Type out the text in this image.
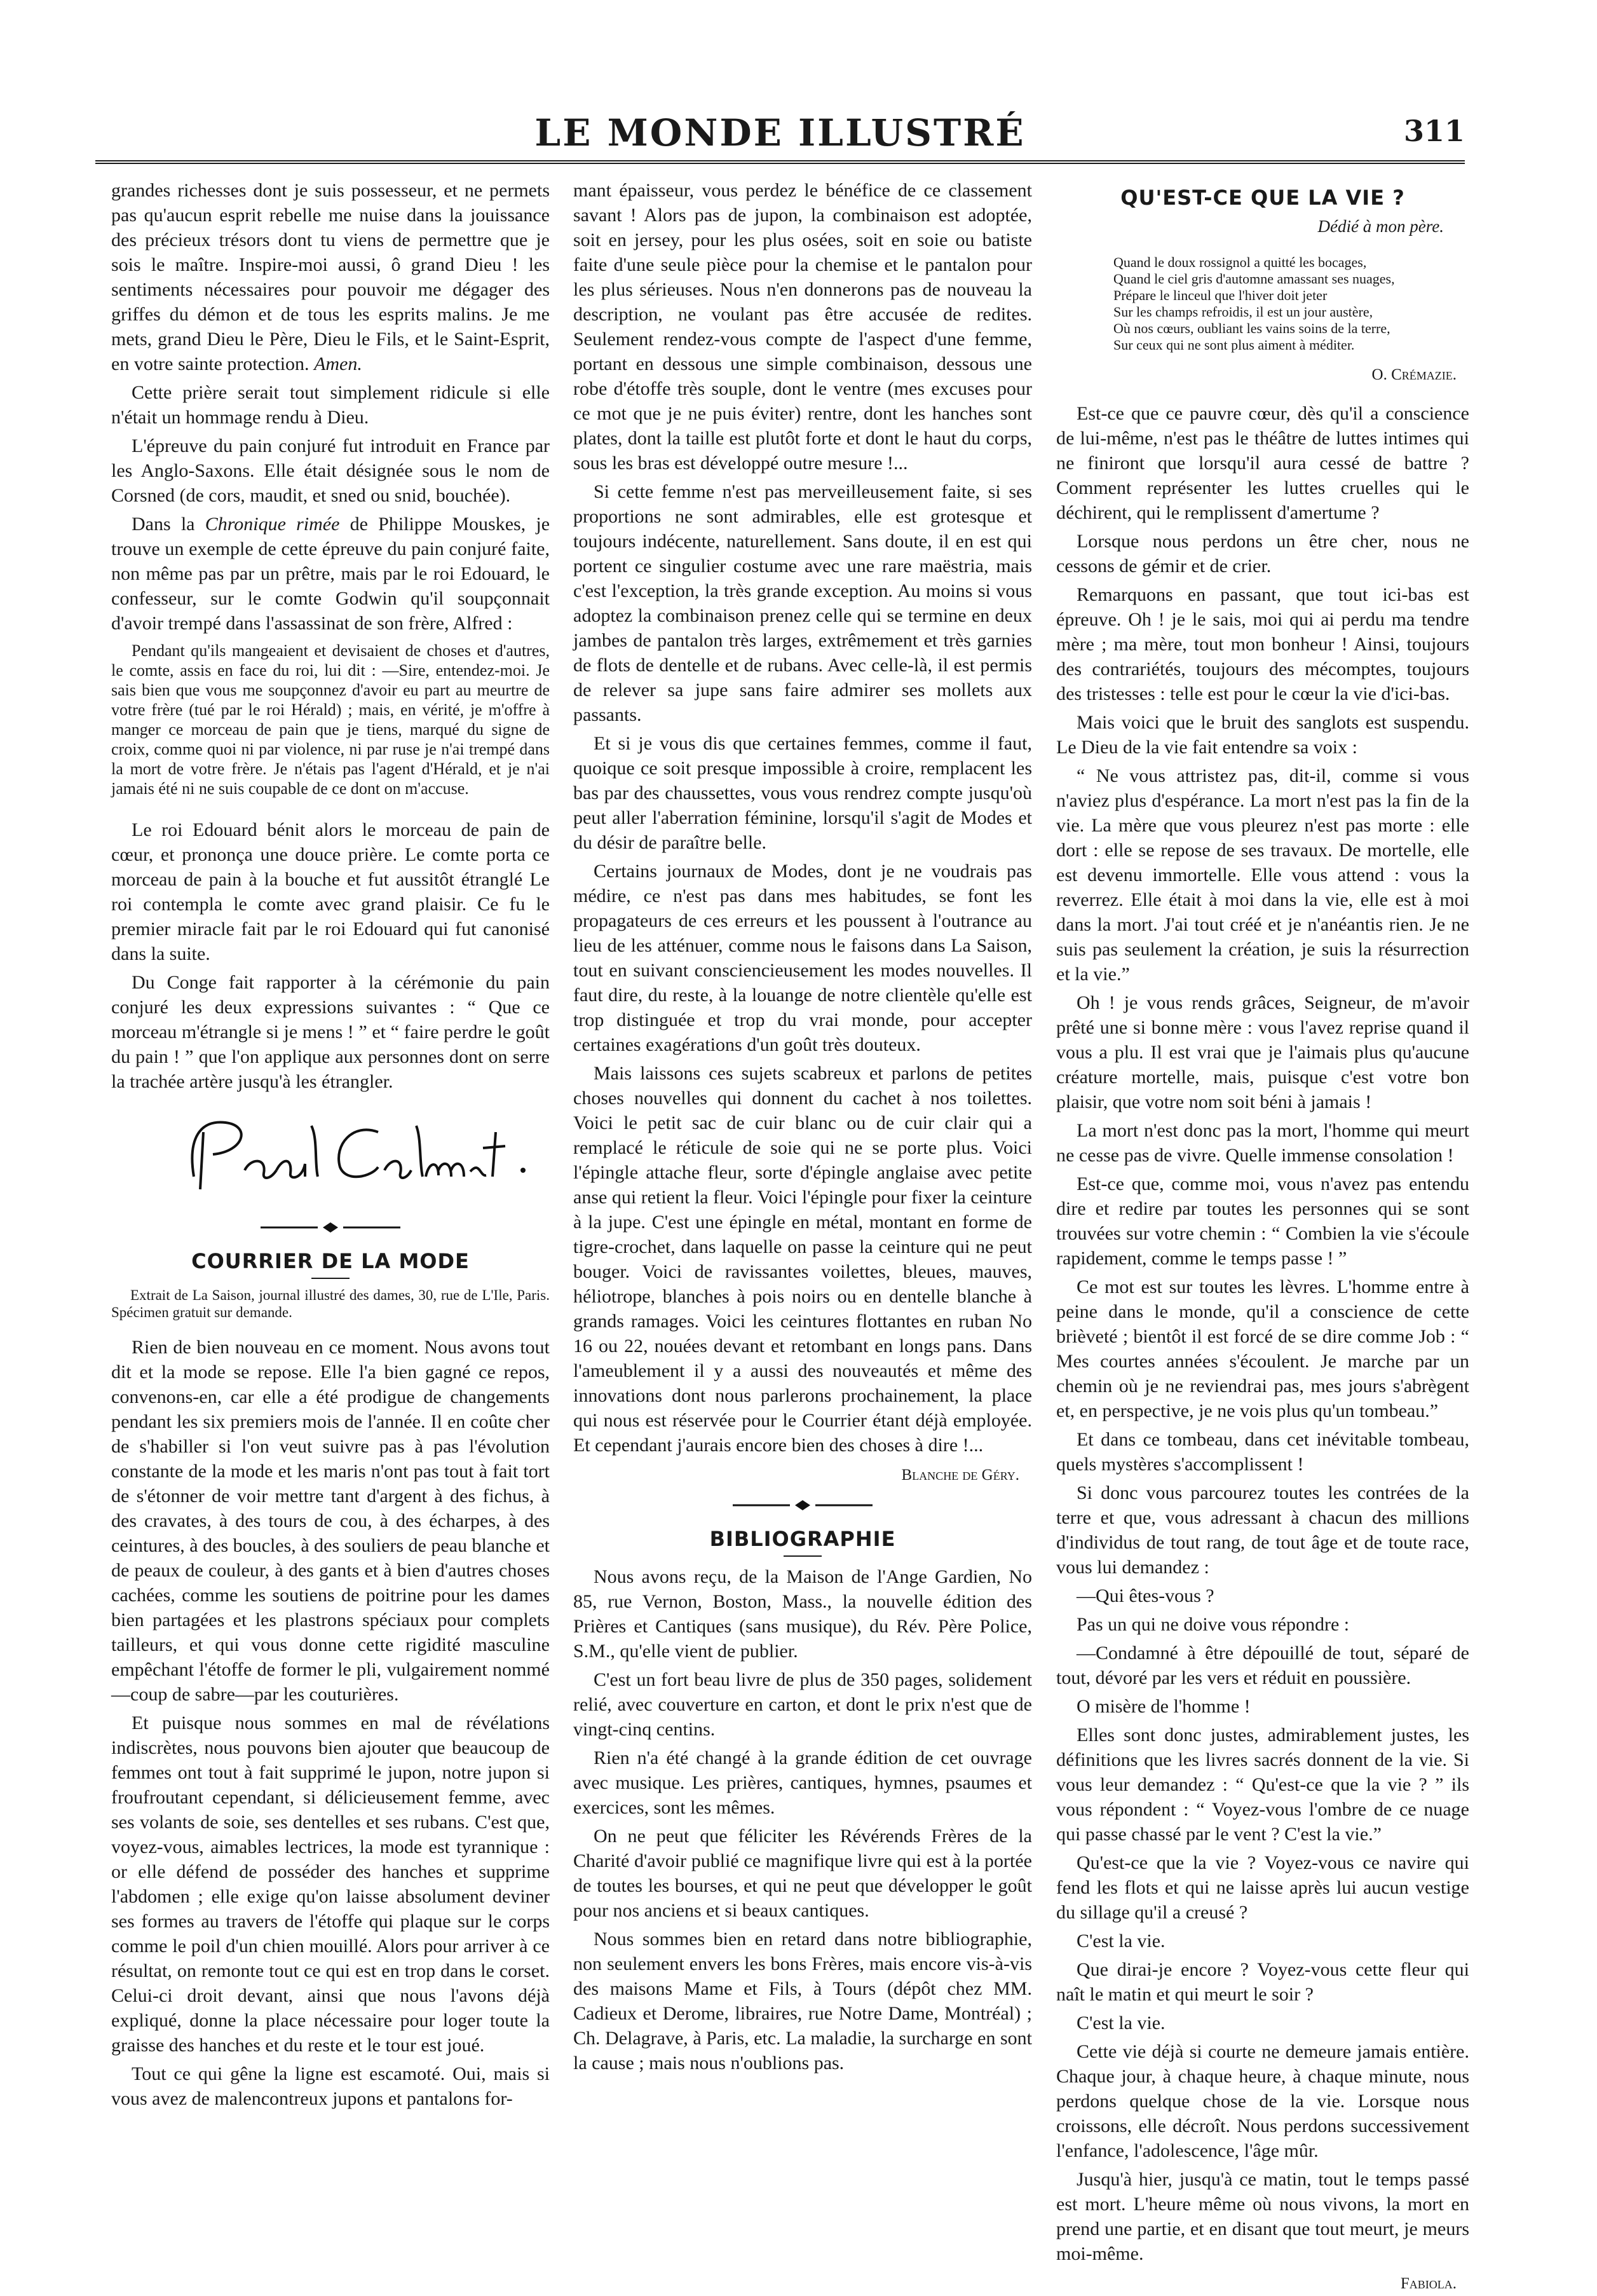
LE MONDE ILLUSTRÉ	311

grandes richesses dont je suis possesseur, et ne permets pas qu'aucun esprit rebelle me nuise dans la jouissance des précieux trésors dont tu viens de permettre que je sois le maître. Inspire-moi aussi, ô grand Dieu ! les sentiments nécessaires pour pouvoir me dégager des griffes du démon et de tous les esprits malins. Je me mets, grand Dieu le Père, Dieu le Fils, et le Saint-Esprit, en votre sainte protection. Amen.

Cette prière serait tout simplement ridicule si elle n'était un hommage rendu à Dieu.

L'épreuve du pain conjuré fut introduit en France par les Anglo-Saxons. Elle était désignée sous le nom de Corsned (de cors, maudit, et sned ou snid, bouchée).

Dans la Chronique rimée de Philippe Mouskes, je trouve un exemple de cette épreuve du pain conjuré faite, non même pas par un prêtre, mais par le roi Edouard, le confesseur, sur le comte Godwin qu'il soupçonnait d'avoir trempé dans l'assassinat de son frère, Alfred :

Pendant qu'ils mangeaient et devisaient de choses et d'autres, le comte, assis en face du roi, lui dit : —Sire, entendez-moi. Je sais bien que vous me soupçonnez d'avoir eu part au meurtre de votre frère (tué par le roi Hérald) ; mais, en vérité, je m'offre à manger ce morceau de pain que je tiens, marqué du signe de croix, comme quoi ni par violence, ni par ruse je n'ai trempé dans la mort de votre frère. Je n'étais pas l'agent d'Hérald, et je n'ai jamais été ni ne suis coupable de ce dont on m'accuse.

Le roi Edouard bénit alors le morceau de pain de cœur, et prononça une douce prière. Le comte porta ce morceau de pain à la bouche et fut aussitôt étranglé Le roi contempla le comte avec grand plaisir. Ce fu le premier miracle fait par le roi Edouard qui fut canonisé dans la suite.

Du Conge fait rapporter à la cérémonie du pain conjuré les deux expressions suivantes : “ Que ce morceau m'étrangle si je mens ! ” et “ faire perdre le goût du pain ! ” que l'on applique aux personnes dont on serre la trachée artère jusqu'à les étrangler.

COURRIER DE LA MODE

Extrait de La Saison, journal illustré des dames, 30, rue de L'Ile, Paris. Spécimen gratuit sur demande.

Rien de bien nouveau en ce moment. Nous avons tout dit et la mode se repose. Elle l'a bien gagné ce repos, convenons-en, car elle a été prodigue de changements pendant les six premiers mois de l'année. Il en coûte cher de s'habiller si l'on veut suivre pas à pas l'évolution constante de la mode et les maris n'ont pas tout à fait tort de s'étonner de voir mettre tant d'argent à des fichus, à des cravates, à des tours de cou, à des écharpes, à des ceintures, à des boucles, à des souliers de peau blanche et de peaux de couleur, à des gants et à bien d'autres choses cachées, comme les soutiens de poitrine pour les dames bien partagées et les plastrons spéciaux pour complets tailleurs, et qui vous donne cette rigidité masculine empêchant l'étoffe de former le pli, vulgairement nommé—coup de sabre—par les couturières.

Et puisque nous sommes en mal de révélations indiscrètes, nous pouvons bien ajouter que beaucoup de femmes ont tout à fait supprimé le jupon, notre jupon si froufroutant cependant, si délicieusement femme, avec ses volants de soie, ses dentelles et ses rubans. C'est que, voyez-vous, aimables lectrices, la mode est tyrannique : or elle défend de posséder des hanches et supprime l'abdomen ; elle exige qu'on laisse absolument deviner ses formes au travers de l'étoffe qui plaque sur le corps comme le poil d'un chien mouillé. Alors pour arriver à ce résultat, on remonte tout ce qui est en trop dans le corset. Celui-ci droit devant, ainsi que nous l'avons déjà expliqué, donne la place nécessaire pour loger toute la graisse des hanches et du reste et le tour est joué.

Tout ce qui gêne la ligne est escamoté. Oui, mais si vous avez de malencontreux jupons et pantalons for-

mant épaisseur, vous perdez le bénéfice de ce classement savant ! Alors pas de jupon, la combinaison est adoptée, soit en jersey, pour les plus osées, soit en soie ou batiste faite d'une seule pièce pour la chemise et le pantalon pour les plus sérieuses. Nous n'en donnerons pas de nouveau la description, ne voulant pas être accusée de redites. Seulement rendez-vous compte de l'aspect d'une femme, portant en dessous une simple combinaison, dessous une robe d'étoffe très souple, dont le ventre (mes excuses pour ce mot que je ne puis éviter) rentre, dont les hanches sont plates, dont la taille est plutôt forte et dont le haut du corps, sous les bras est développé outre mesure !...

Si cette femme n'est pas merveilleusement faite, si ses proportions ne sont admirables, elle est grotesque et toujours indécente, naturellement. Sans doute, il en est qui portent ce singulier costume avec une rare maëstria, mais c'est l'exception, la très grande exception. Au moins si vous adoptez la combinaison prenez celle qui se termine en deux jambes de pantalon très larges, extrêmement et très garnies de flots de dentelle et de rubans. Avec celle-là, il est permis de relever sa jupe sans faire admirer ses mollets aux passants.

Et si je vous dis que certaines femmes, comme il faut, quoique ce soit presque impossible à croire, remplacent les bas par des chaussettes, vous vous rendrez compte jusqu'où peut aller l'aberration féminine, lorsqu'il s'agit de Modes et du désir de paraître belle.

Certains journaux de Modes, dont je ne voudrais pas médire, ce n'est pas dans mes habitudes, se font les propagateurs de ces erreurs et les poussent à l'outrance au lieu de les atténuer, comme nous le faisons dans La Saison, tout en suivant consciencieusement les modes nouvelles. Il faut dire, du reste, à la louange de notre clientèle qu'elle est trop distinguée et trop du vrai monde, pour accepter certaines exagérations d'un goût très douteux.

Mais laissons ces sujets scabreux et parlons de petites choses nouvelles qui donnent du cachet à nos toilettes. Voici le petit sac de cuir blanc ou de cuir clair qui a remplacé le réticule de soie qui ne se porte plus. Voici l'épingle attache fleur, sorte d'épingle anglaise avec petite anse qui retient la fleur. Voici l'épingle pour fixer la ceinture à la jupe. C'est une épingle en métal, montant en forme de tigre-crochet, dans laquelle on passe la ceinture qui ne peut bouger. Voici de ravissantes voilettes, bleues, mauves, héliotrope, blanches à pois noirs ou en dentelle blanche à grands ramages. Voici les ceintures flottantes en ruban No 16 ou 22, nouées devant et retombant en longs pans. Dans l'ameublement il y a aussi des nouveautés et même des innovations dont nous parlerons prochainement, la place qui nous est réservée pour le Courrier étant déjà employée. Et cependant j'aurais encore bien des choses à dire !...

Blanche de Géry.
BIBLIOGRAPHIE

Nous avons reçu, de la Maison de l'Ange Gardien, No 85, rue Vernon, Boston, Mass., la nouvelle édition des Prières et Cantiques (sans musique), du Rév. Père Police, S.M., qu'elle vient de publier.

C'est un fort beau livre de plus de 350 pages, solidement relié, avec couverture en carton, et dont le prix n'est que de vingt-cinq centins.

Rien n'a été changé à la grande édition de cet ouvrage avec musique. Les prières, cantiques, hymnes, psaumes et exercices, sont les mêmes.

On ne peut que féliciter les Révérends Frères de la Charité d'avoir publié ce magnifique livre qui est à la portée de toutes les bourses, et qui ne peut que développer le goût pour nos anciens et si beaux cantiques.

Nous sommes bien en retard dans notre bibliographie, non seulement envers les bons Frères, mais encore vis-à-vis des maisons Mame et Fils, à Tours (dépôt chez MM. Cadieux et Derome, libraires, rue Notre Dame, Montréal) ; Ch. Delagrave, à Paris, etc. La maladie, la surcharge en sont la cause ; mais nous n'oublions pas.

QU'EST-CE QUE LA VIE ?
Dédié à mon père.
Quand le doux rossignol a quitté les bocages,
Quand le ciel gris d'automne amassant ses nuages,
Prépare le linceul que l'hiver doit jeter
Sur les champs refroidis, il est un jour austère,
Où nos cœurs, oubliant les vains soins de la terre,
Sur ceux qui ne sont plus aiment à méditer.
O. Crémazie.

Est-ce que ce pauvre cœur, dès qu'il a conscience de lui-même, n'est pas le théâtre de luttes intimes qui ne finiront que lorsqu'il aura cessé de battre ? Comment représenter les luttes cruelles qui le déchirent, qui le remplissent d'amertume ?

Lorsque nous perdons un être cher, nous ne cessons de gémir et de crier.

Remarquons en passant, que tout ici-bas est épreuve. Oh ! je le sais, moi qui ai perdu ma tendre mère ; ma mère, tout mon bonheur ! Ainsi, toujours des contrariétés, toujours des mécomptes, toujours des tristesses : telle est pour le cœur la vie d'ici-bas.

Mais voici que le bruit des sanglots est suspendu. Le Dieu de la vie fait entendre sa voix :

“ Ne vous attristez pas, dit-il, comme si vous n'aviez plus d'espérance. La mort n'est pas la fin de la vie. La mère que vous pleurez n'est pas morte : elle dort : elle se repose de ses travaux. De mortelle, elle est devenu immortelle. Elle vous attend : vous la reverrez. Elle était à moi dans la vie, elle est à moi dans la mort. J'ai tout créé et je n'anéantis rien. Je ne suis pas seulement la création, je suis la résurrection et la vie.”

Oh ! je vous rends grâces, Seigneur, de m'avoir prêté une si bonne mère : vous l'avez reprise quand il vous a plu. Il est vrai que je l'aimais plus qu'aucune créature mortelle, mais, puisque c'est votre bon plaisir, que votre nom soit béni à jamais !

La mort n'est donc pas la mort, l'homme qui meurt ne cesse pas de vivre. Quelle immense consolation !

Est-ce que, comme moi, vous n'avez pas entendu dire et redire par toutes les personnes qui se sont trouvées sur votre chemin : “ Combien la vie s'écoule rapidement, comme le temps passe ! ”

Ce mot est sur toutes les lèvres. L'homme entre à peine dans le monde, qu'il a conscience de cette brièveté ; bientôt il est forcé de se dire comme Job : “ Mes courtes années s'écoulent. Je marche par un chemin où je ne reviendrai pas, mes jours s'abrègent et, en perspective, je ne vois plus qu'un tombeau.”

Et dans ce tombeau, dans cet inévitable tombeau, quels mystères s'accomplissent !

Si donc vous parcourez toutes les contrées de la terre et que, vous adressant à chacun des millions d'individus de tout rang, de tout âge et de toute race, vous lui demandez :

—Qui êtes-vous ?

Pas un qui ne doive vous répondre :

—Condamné à être dépouillé de tout, séparé de tout, dévoré par les vers et réduit en poussière.

O misère de l'homme !

Elles sont donc justes, admirablement justes, les définitions que les livres sacrés donnent de la vie. Si vous leur demandez : “ Qu'est-ce que la vie ? ” ils vous répondent : “ Voyez-vous l'ombre de ce nuage qui passe chassé par le vent ? C'est la vie.”

Qu'est-ce que la vie ? Voyez-vous ce navire qui fend les flots et qui ne laisse après lui aucun vestige du sillage qu'il a creusé ?

C'est la vie.

Que dirai-je encore ? Voyez-vous cette fleur qui naît le matin et qui meurt le soir ?

C'est la vie.

Cette vie déjà si courte ne demeure jamais entière. Chaque jour, à chaque heure, à chaque minute, nous perdons quelque chose de la vie. Lorsque nous croissons, elle décroît. Nous perdons successivement l'enfance, l'adolescence, l'âge mûr.

Jusqu'à hier, jusqu'à ce matin, tout le temps passé est mort. L'heure même où nous vivons, la mort en prend une partie, et en disant que tout meurt, je meurs moi-même.

Fabiola.
